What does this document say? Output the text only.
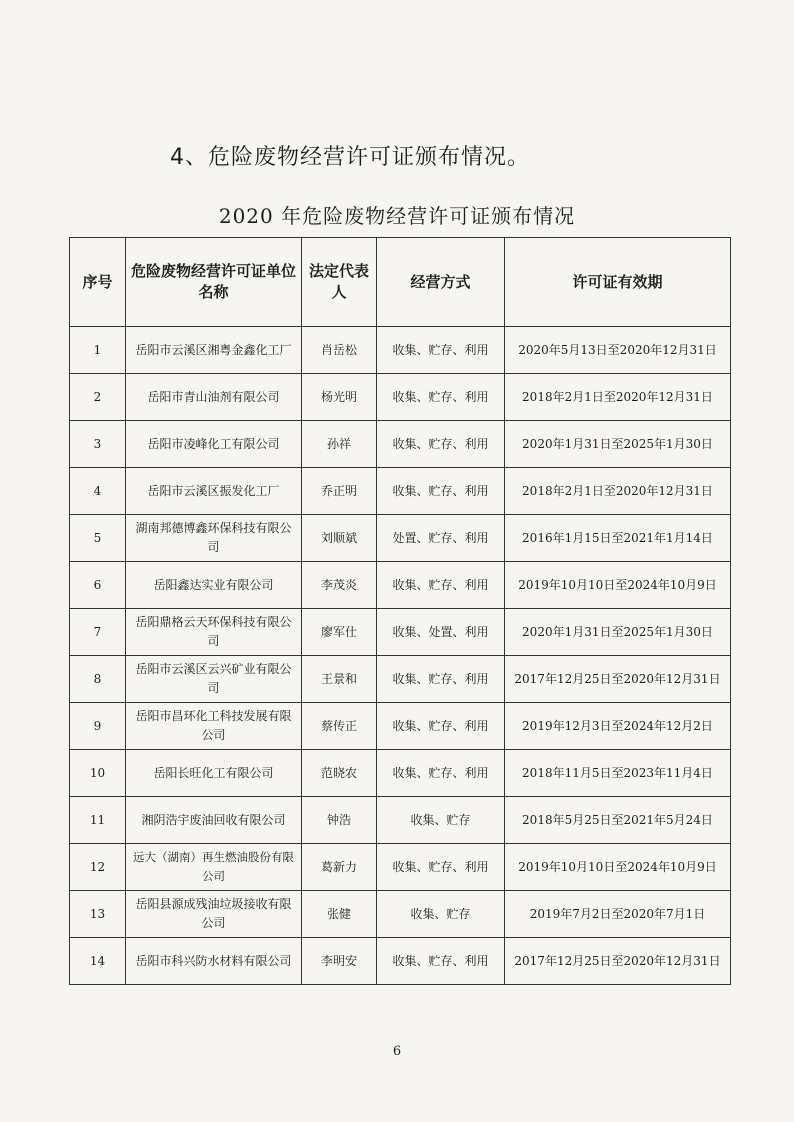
4、危险废物经营许可证颁布情况。
2020 年危险废物经营许可证颁布情况
序号	危险废物经营许可证单位名称	法定代表人	经营方式	许可证有效期
1	岳阳市云溪区湘粤金鑫化工厂	肖岳松	收集、贮存、利用	2020年5月13日至2020年12月31日
2	岳阳市青山油剂有限公司	杨光明	收集、贮存、利用	2018年2月1日至2020年12月31日
3	岳阳市凌峰化工有限公司	孙祥	收集、贮存、利用	2020年1月31日至2025年1月30日
4	岳阳市云溪区振发化工厂	乔正明	收集、贮存、利用	2018年2月1日至2020年12月31日
5	湖南邦德博鑫环保科技有限公司	刘顺斌	处置、贮存、利用	2016年1月15日至2021年1月14日
6	岳阳鑫达实业有限公司	李茂炎	收集、贮存、利用	2019年10月10日至2024年10月9日
7	岳阳鼎格云天环保科技有限公司	廖军仕	收集、处置、利用	2020年1月31日至2025年1月30日
8	岳阳市云溪区云兴矿业有限公司	王景和	收集、贮存、利用	2017年12月25日至2020年12月31日
9	岳阳市昌环化工科技发展有限公司	蔡传正	收集、贮存、利用	2019年12月3日至2024年12月2日
10	岳阳长旺化工有限公司	范晓农	收集、贮存、利用	2018年11月5日至2023年11月4日
11	湘阴浩宇废油回收有限公司	钟浩	收集、贮存	2018年5月25日至2021年5月24日
12	远大（湖南）再生燃油股份有限公司	葛新力	收集、贮存、利用	2019年10月10日至2024年10月9日
13	岳阳县源成残油垃圾接收有限公司	张健	收集、贮存	2019年7月2日至2020年7月1日
14	岳阳市科兴防水材料有限公司	李明安	收集、贮存、利用	2017年12月25日至2020年12月31日
6
